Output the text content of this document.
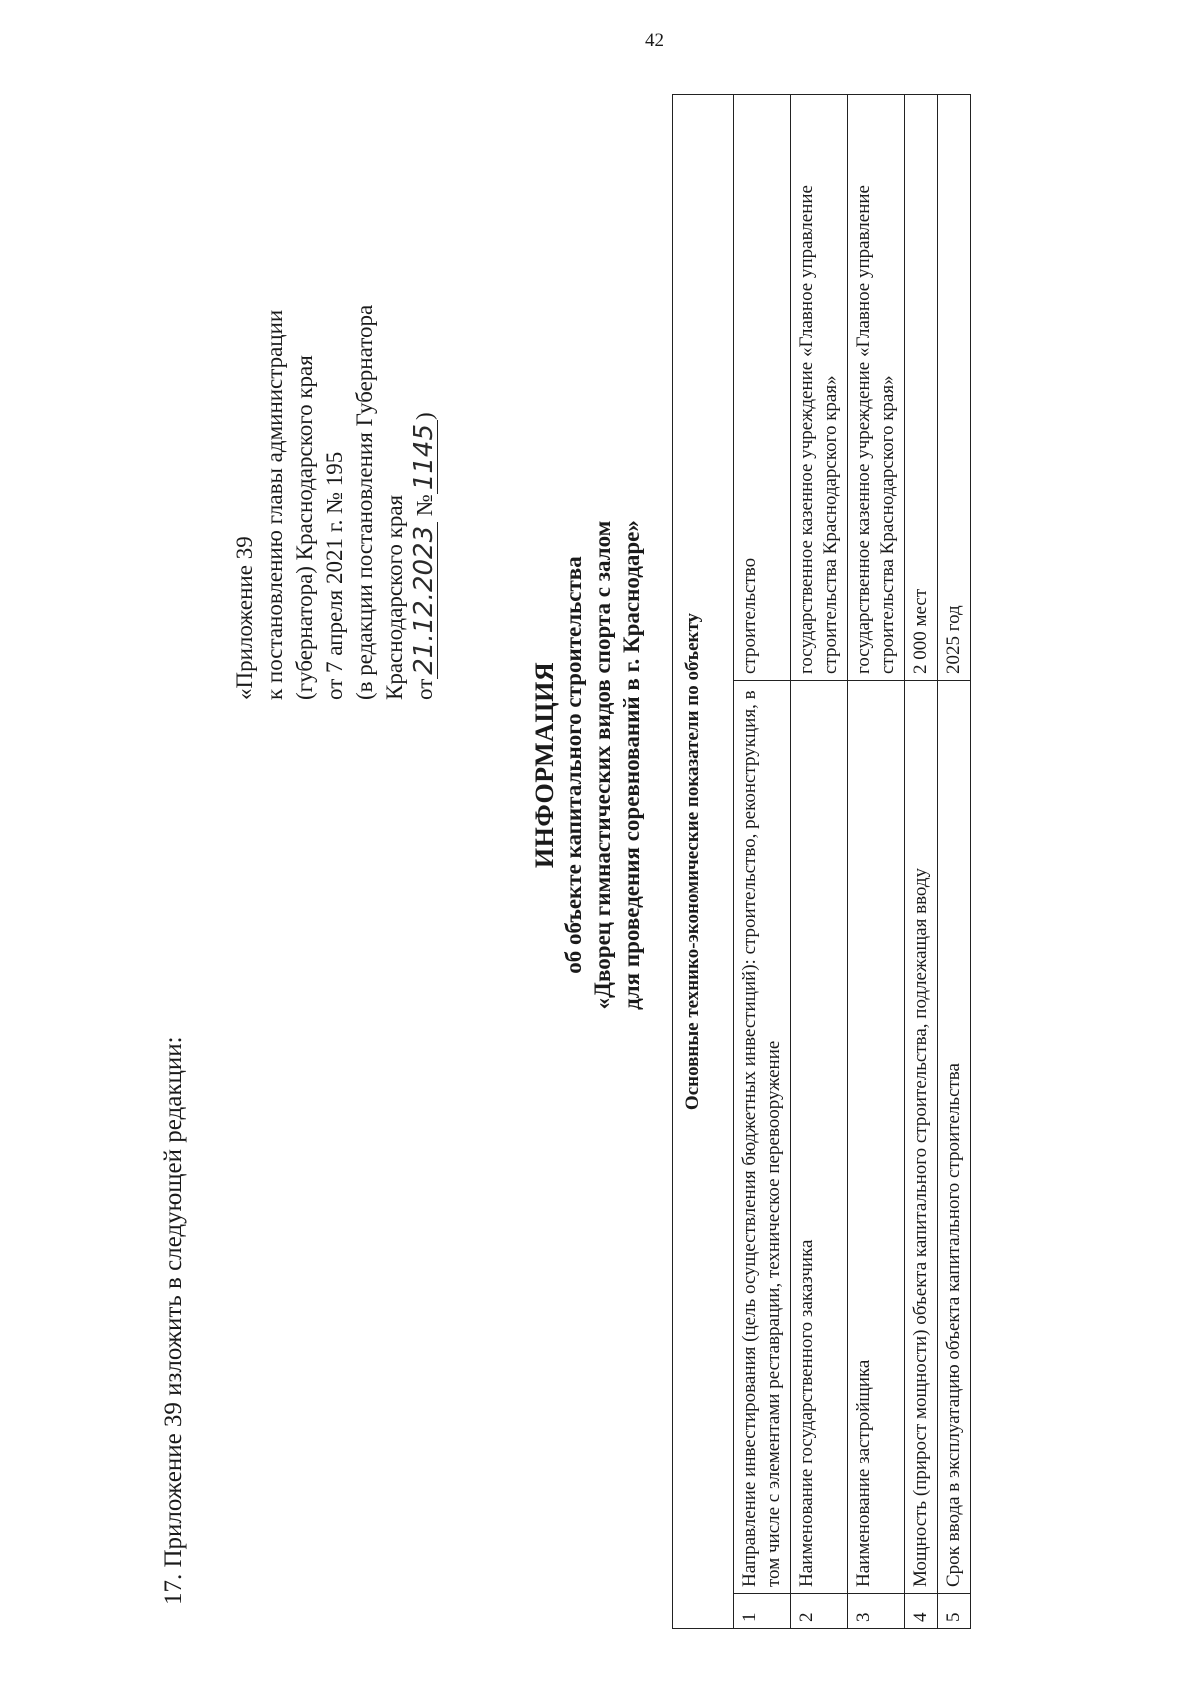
42
17. Приложение 39 изложить в следующей редакции:
«Приложение 39 к постановлению главы администрации (губернатора) Краснодарского края от 7 апреля 2021 г. № 195 (в редакции постановления Губернатора Краснодарского края от21.12.2023 №1145)
ИНФОРМАЦИЯ об объекте капитального строительства «Дворец гимнастических видов спорта с залом для проведения соревнований в г. Краснодаре» Основные технико-экономические показатели по объекту		
1	Направление инвестирования (цель осуществления бюджетных инвестиций): строительство, реконструкция, в том числе с элементами реставрации, техническое перевооружение	строительство
2	Наименование государственного заказчика	государственное казенное учреждение «Главное управление строительства Краснодарского края»
3	Наименование застройщика	государственное казенное учреждение «Главное управление строительства Краснодарского края»
4	Мощность (прирост мощности) объекта капитального строительства, подлежащая вводу	2 000 мест
5	Срок ввода в эксплуатацию объекта капитального строительства	2025 год
